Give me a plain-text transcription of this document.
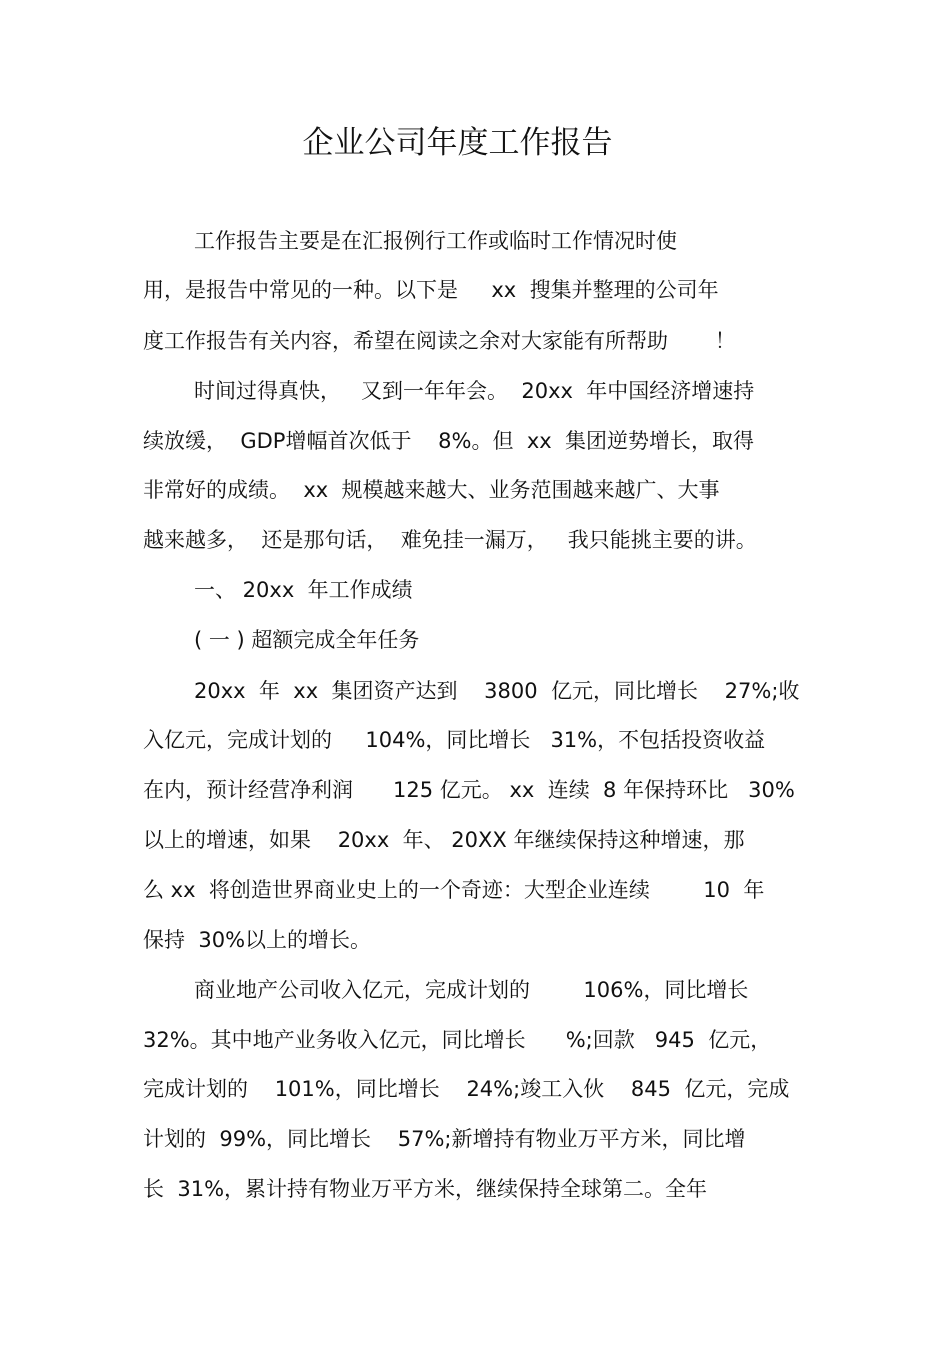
企业公司年度工作报告
工作报告主要是在汇报例行工作或临时工作情况时使
用，是报告中常见的一种。以下是     xx  搜集并整理的公司年
度工作报告有关内容，希望在阅读之余对大家能有所帮助       ！
时间过得真快，   又到一年年会。  20xx  年中国经济增速持
续放缓，  GDP增幅首次低于    8%。但  xx  集团逆势增长，取得
非常好的成绩。  xx  规模越来越大、业务范围越来越广、大事
越来越多，  还是那句话，  难免挂一漏万，   我只能挑主要的讲。
一、 20xx  年工作成绩
( 一 ) 超额完成全年任务
20xx  年  xx  集团资产达到    3800  亿元，同比增长    27%;收
入亿元，完成计划的     104%，同比增长   31%，不包括投资收益
在内，预计经营净利润      125 亿元。 xx  连续  8 年保持环比   30%
以上的增速，如果    20xx  年、 20XX 年继续保持这种增速，那
么 xx  将创造世界商业史上的一个奇迹：大型企业连续        10  年
保持  30%以上的增长。
商业地产公司收入亿元，完成计划的        106%，同比增长
32%。其中地产业务收入亿元，同比增长      %;回款   945  亿元，
完成计划的    101%，同比增长    24%;竣工入伙    845  亿元，完成
计划的  99%，同比增长    57%;新增持有物业万平方米，同比增
长  31%，累计持有物业万平方米，继续保持全球第二。全年
